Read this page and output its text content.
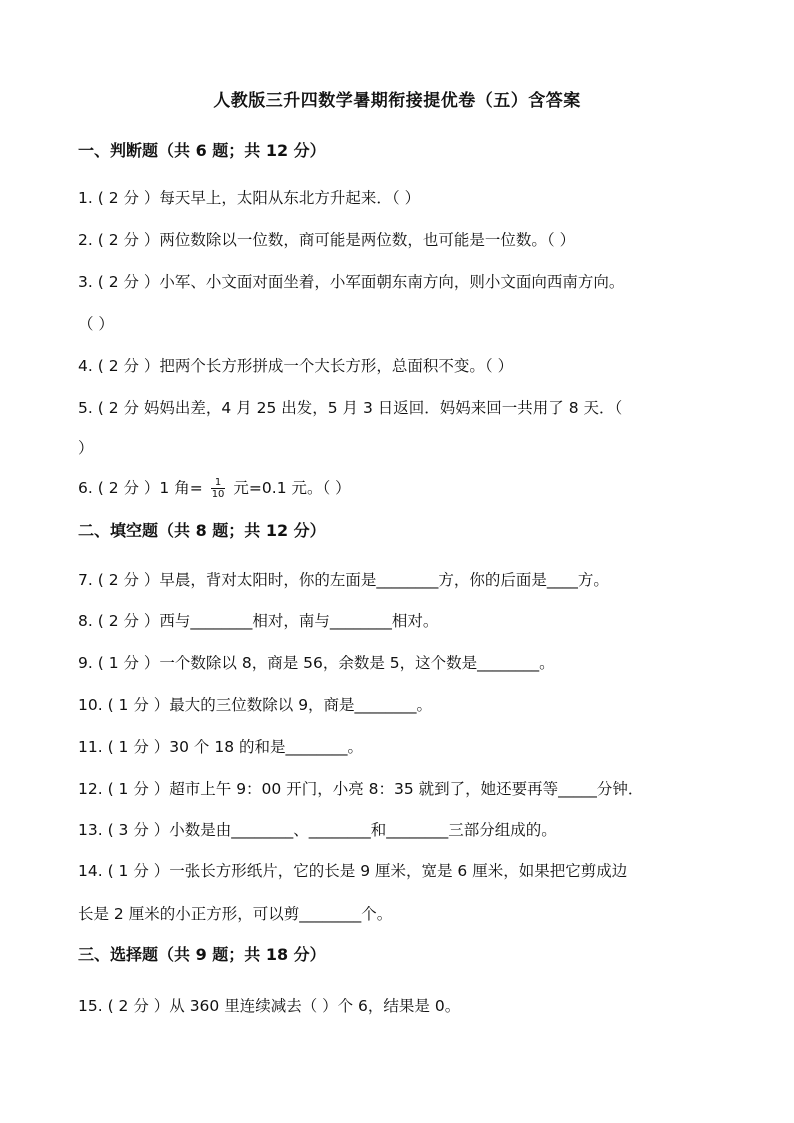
人教版三升四数学暑期衔接提优卷（五）含答案
一、判断题（共 6 题；共 12 分）
1. ( 2 分 ）每天早上，太阳从东北方升起来．（ ）
2. ( 2 分 ）两位数除以一位数，商可能是两位数，也可能是一位数。（ ）
3. ( 2 分 ）小军、小文面对面坐着，小军面朝东南方向，则小文面向西南方向。
（ ）
4. ( 2 分 ）把两个长方形拼成一个大长方形，总面积不变。（ ）
5. ( 2 分 妈妈出差，4 月 25 出发，5 月 3 日返回．妈妈来回一共用了 8 天．（
）
6. ( 2 分 ）1 角= $\frac{1}{10}$ 元=0.1 元。（ ）
二、填空题（共 8 题；共 12 分）
7. ( 2 分 ）早晨，背对太阳时，你的左面是________方，你的后面是____方。
8. ( 2 分 ）西与________相对，南与________相对。
9. ( 1 分 ）一个数除以 8，商是 56，余数是 5，这个数是________。
10. ( 1 分 ）最大的三位数除以 9，商是________。
11. ( 1 分 ）30 个 18 的和是________。
12. ( 1 分 ）超市上午 9：00 开门，小亮 8：35 就到了，她还要再等_____分钟．
13. ( 3 分 ）小数是由________、________和________三部分组成的。
14. ( 1 分 ）一张长方形纸片，它的长是 9 厘米，宽是 6 厘米，如果把它剪成边
长是 2 厘米的小正方形，可以剪________个。
三、选择题（共 9 题；共 18 分）
15. ( 2 分 ）从 360 里连续减去（ ）个 6，结果是 0。
